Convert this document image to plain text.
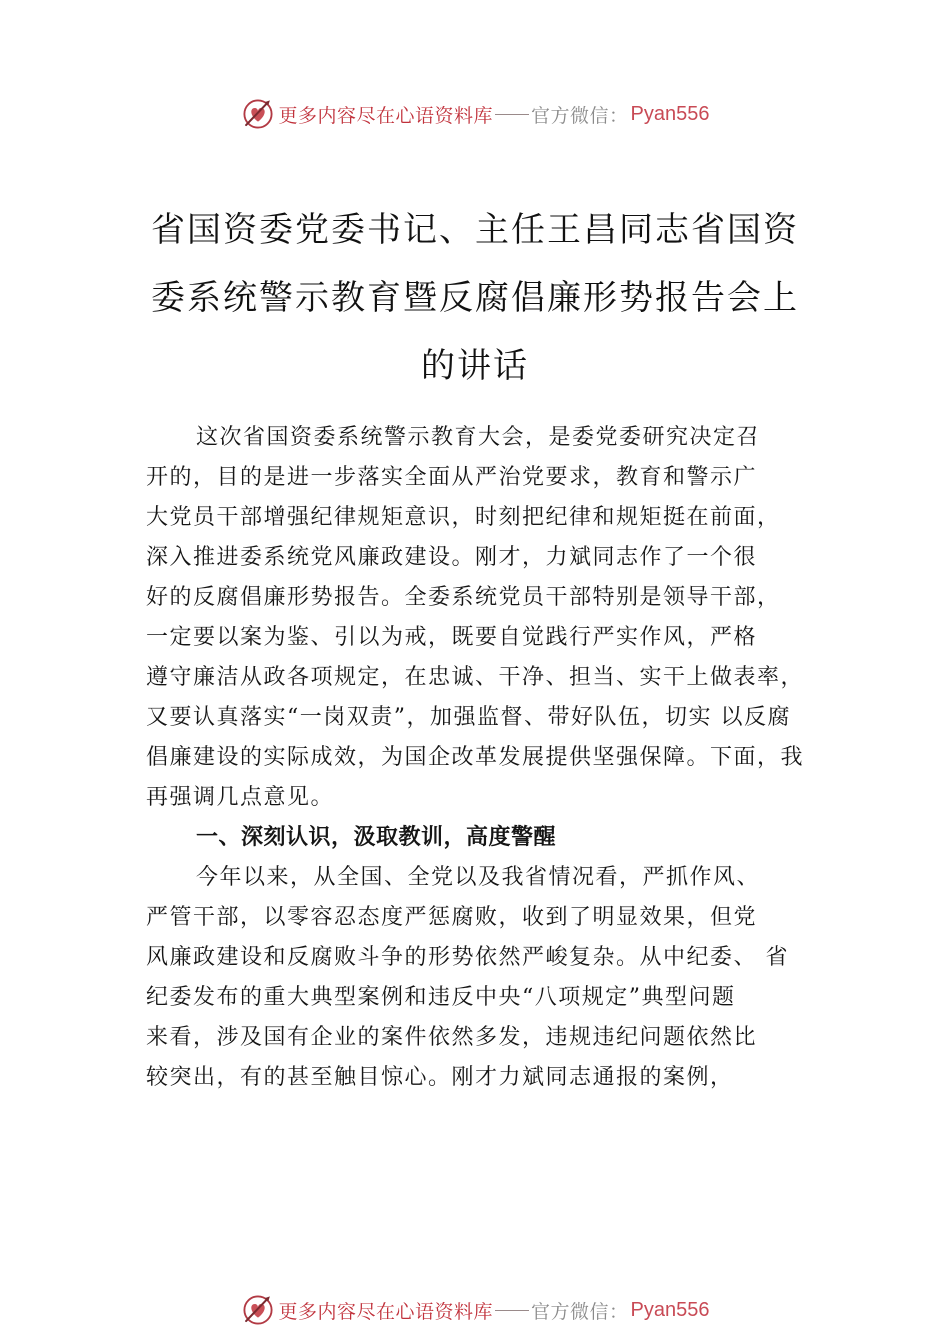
更多内容尽在心语资料库 官方微信： Pyan556
省国资委党委书记、主任王昌同志省国资
委系统警示教育暨反腐倡廉形势报告会上
的讲话
这次省国资委系统警示教育大会，是委党委研究决定召
开的，目的是进一步落实全面从严治党要求，教育和警示广
大党员干部增强纪律规矩意识，时刻把纪律和规矩挺在前面，
深入推进委系统党风廉政建设。刚才，力斌同志作了一个很
好的反腐倡廉形势报告。全委系统党员干部特别是领导干部，
一定要以案为鉴、引以为戒，既要自觉践行严实作风，严格
遵守廉洁从政各项规定，在忠诚、干净、担当、实干上做表率，
又要认真落实“一岗双责”，加强监督、带好队伍，切实 以反腐
倡廉建设的实际成效，为国企改革发展提供坚强保障。下面，我
再强调几点意见。
一、深刻认识，汲取教训，高度警醒
今年以来，从全国、全党以及我省情况看，严抓作风、
严管干部，以零容忍态度严惩腐败，收到了明显效果，但党
风廉政建设和反腐败斗争的形势依然严峻复杂。从中纪委、 省
纪委发布的重大典型案例和违反中央“八项规定”典型问题
来看，涉及国有企业的案件依然多发，违规违纪问题依然比
较突出，有的甚至触目惊心。刚才力斌同志通报的案例，
更多内容尽在心语资料库 官方微信： Pyan556
